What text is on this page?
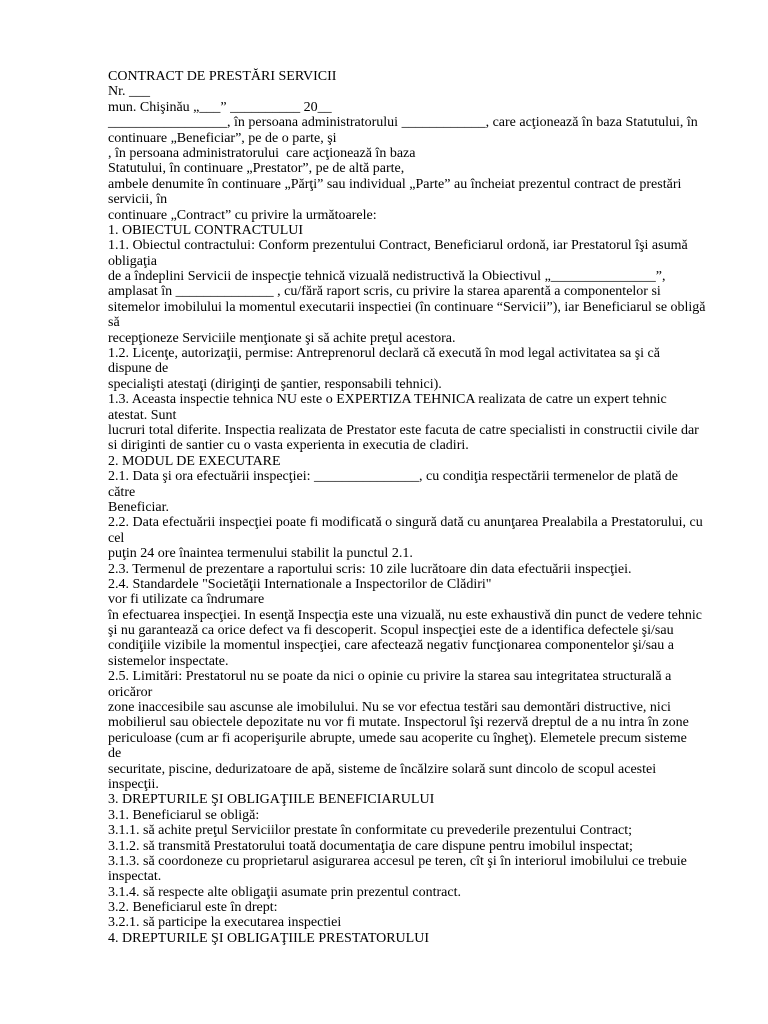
CONTRACT DE PRESTĂRI SERVICII
Nr. ___
mun. Chişinău „___” __________ 20__
_________________, în persoana administratorului ____________, care acţionează în baza Statutului, în
continuare „Beneficiar”, pe de o parte, şi
, în persoana administratorului  care acţionează în baza
Statutului, în continuare „Prestator”, pe de altă parte,
ambele denumite în continuare „Părţi” sau individual „Parte” au încheiat prezentul contract de prestări
servicii, în
continuare „Contract” cu privire la următoarele:
1. OBIECTUL CONTRACTULUI
1.1. Obiectul contractului: Conform prezentului Contract, Beneficiarul ordonă, iar Prestatorul îşi asumă
obligaţia
de a îndeplini Servicii de inspecţie tehnică vizuală nedistructivă la Obiectivul „_______________”,
amplasat în ______________ , cu/fără raport scris, cu privire la starea aparentă a componentelor si
sitemelor imobilului la momentul executarii inspectiei (în continuare “Servicii”), iar Beneficiarul se obligă
să
recepţioneze Serviciile menţionate şi să achite preţul acestora.
1.2. Licenţe, autorizaţii, permise: Antreprenorul declară că execută în mod legal activitatea sa şi că
dispune de
specialişti atestaţi (diriginţi de şantier, responsabili tehnici).
1.3. Aceasta inspectie tehnica NU este o EXPERTIZA TEHNICA realizata de catre un expert tehnic
atestat. Sunt
lucruri total diferite. Inspectia realizata de Prestator este facuta de catre specialisti in constructii civile dar
si diriginti de santier cu o vasta experienta in executia de cladiri.
2. MODUL DE EXECUTARE
2.1. Data şi ora efectuării inspecţiei: _______________, cu condiţia respectării termenelor de plată de
către
Beneficiar.
2.2. Data efectuării inspecţiei poate fi modificată o singură dată cu anunţarea Prealabila a Prestatorului, cu
cel
puţin 24 ore înaintea termenului stabilit la punctul 2.1.
2.3. Termenul de prezentare a raportului scris: 10 zile lucrătoare din data efectuării inspecţiei.
2.4. Standardele "Societăţii Internationale a Inspectorilor de Clădiri"
vor fi utilizate ca îndrumare
în efectuarea inspecţiei. In esenţă Inspecţia este una vizuală, nu este exhaustivă din punct de vedere tehnic
şi nu garantează ca orice defect va fi descoperit. Scopul inspecţiei este de a identifica defectele şi/sau
condiţiile vizibile la momentul inspecţiei, care afectează negativ funcţionarea componentelor şi/sau a
sistemelor inspectate.
2.5. Limitări: Prestatorul nu se poate da nici o opinie cu privire la starea sau integritatea structurală a
oricăror
zone inaccesibile sau ascunse ale imobilului. Nu se vor efectua testări sau demontări distructive, nici
mobilierul sau obiectele depozitate nu vor fi mutate. Inspectorul îşi rezervă dreptul de a nu intra în zone
periculoase (cum ar fi acoperişurile abrupte, umede sau acoperite cu îngheţ). Elemetele precum sisteme
de
securitate, piscine, dedurizatoare de apă, sisteme de încălzire solară sunt dincolo de scopul acestei
inspecţii.
3. DREPTURILE ŞI OBLIGAŢIILE BENEFICIARULUI
3.1. Beneficiarul se obligă:
3.1.1. să achite preţul Serviciilor prestate în conformitate cu prevederile prezentului Contract;
3.1.2. să transmită Prestatorului toată documentaţia de care dispune pentru imobilul inspectat;
3.1.3. să coordoneze cu proprietarul asigurarea accesul pe teren, cît şi în interiorul imobilului ce trebuie
inspectat.
3.1.4. să respecte alte obligaţii asumate prin prezentul contract.
3.2. Beneficiarul este în drept:
3.2.1. să participe la executarea inspectiei
4. DREPTURILE ŞI OBLIGAŢIILE PRESTATORULUI
